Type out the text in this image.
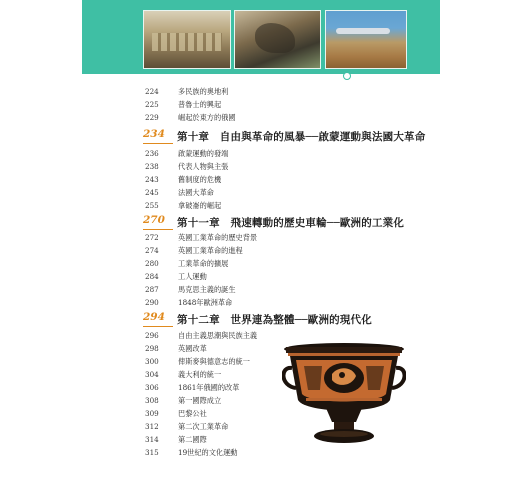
224	多民族的奧地利
225	普魯士的興起
229	崛起於東方的俄國
234 第十章　自由與革命的風暴──啟蒙運動與法國大革命
236	啟蒙運動的發端
238	代表人物與主張
243	舊制度的危機
245	法國大革命
255	拿破崙的崛起
270 第十一章　飛速轉動的歷史車輪──歐洲的工業化
272	英國工業革命的歷史背景
274	英國工業革命的進程
280	工業革命的擴展
284	工人運動
287	馬克思主義的誕生
290	1848年歐洲革命
294 第十二章　世界連為整體──歐洲的現代化
296	自由主義思潮與民族主義
298	英國改革
300	俾斯麥與德意志的統一
304	義大利的統一
306	1861年俄國的改革
308	第一國際成立
309	巴黎公社
312	第二次工業革命
314	第二國際
315	19世紀的文化運動
